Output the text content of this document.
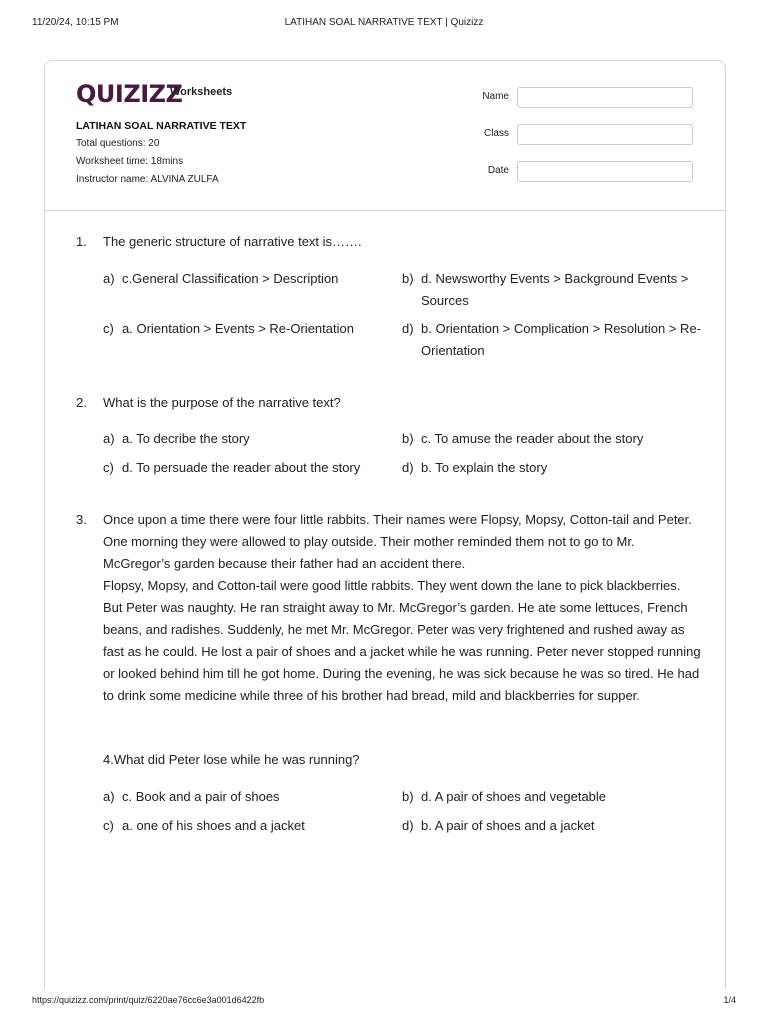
11/20/24, 10:15 PM	LATIHAN SOAL NARRATIVE TEXT | Quizizz
QUIZIZZ
Worksheets
LATIHAN SOAL NARRATIVE TEXT
Total questions: 20
Worksheet time: 18mins
Instructor name: ALVINA ZULFA
Name
Class
Date
1. The generic structure of narrative text is…….
a) c.General Classification > Description	b) d. Newsworthy Events > Background Events > Sources
c) a. Orientation > Events > Re-Orientation	d) b. Orientation > Complication > Resolution > Re-Orientation
2. What is the purpose of the narrative text?
a) a. To decribe the story	b) c. To amuse the reader about the story
c) d. To persuade the reader about the story	d) b. To explain the story
3. Once upon a time there were four little rabbits. Their names were Flopsy, Mopsy, Cotton-tail and Peter. One morning they were allowed to play outside. Their mother reminded them not to go to Mr. McGregor’s garden because their father had an accident there.
Flopsy, Mopsy, and Cotton-tail were good little rabbits. They went down the lane to pick blackberries. But Peter was naughty. He ran straight away to Mr. McGregor’s garden. He ate some lettuces, French beans, and radishes. Suddenly, he met Mr. McGregor. Peter was very frightened and rushed away as fast as he could. He lost a pair of shoes and a jacket while he was running. Peter never stopped running or looked behind him till he got home. During the evening, he was sick because he was so tired. He had to drink some medicine while three of his brother had bread, mild and blackberries for supper.
4.What did Peter lose while he was running?
a) c. Book and a pair of shoes	b) d. A pair of shoes and vegetable
c) a. one of his shoes and a jacket	d) b. A pair of shoes and a jacket
https://quizizz.com/print/quiz/6220ae76cc6e3a001d6422fb	1/4
